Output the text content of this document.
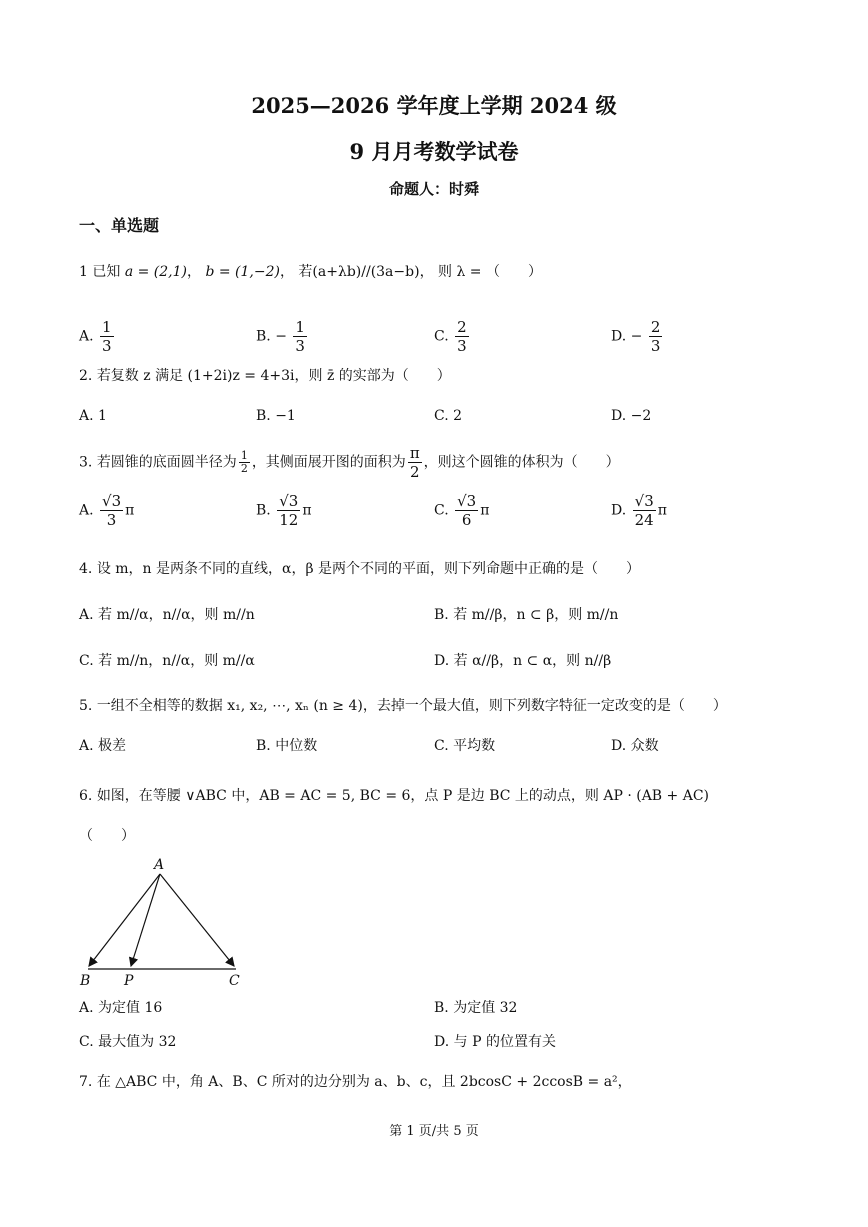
2025—2026 学年度上学期 2024 级
9 月月考数学试卷
命题人：时舜
一、单选题
1 已知 a = (2,1)， b = (1,−2)， 若(a+λb)//(3a−b)， 则 λ = （　　）
A. $\frac{1}{3}$	B. − $\frac{1}{3}$	C. $\frac{2}{3}$	D. − $\frac{2}{3}$
2. 若复数 z 满足 (1+2i)z = 4+3i，则 z̄ 的实部为（　　）
A. 1	B. −1	C. 2	D. −2
3. 若圆锥的底面圆半径为 $\frac{1}{2}$ ，其侧面展开图的面积为 $\frac{\pi}{2}$ ，则这个圆锥的体积为（　　）
A. $\frac{√3}{3}$ π	B. $\frac{√3}{12}$ π	C. $\frac{√3}{6}$ π	D. $\frac{√3}{24}$ π
4. 设 m，n 是两条不同的直线，α，β 是两个不同的平面，则下列命题中正确的是（　　）
A. 若 m//α，n//α，则 m//n	B. 若 m//β，n ⊂ β，则 m//n
C. 若 m//n，n//α，则 m//α	D. 若 α//β，n ⊂ α，则 n//β
5. 一组不全相等的数据 x₁, x₂, ⋯, xₙ (n ≥ 4)，去掉一个最大值，则下列数字特征一定改变的是（　　）
A. 极差	B. 中位数	C. 平均数	D. 众数
6. 如图，在等腰 ∨ABC 中，AB = AC = 5, BC = 6，点 P 是边 BC 上的动点，则 AP · (AB + AC)
（　　）
A
B P	C
A. 为定值 16	B. 为定值 32
C. 最大值为 32	D. 与 P 的位置有关
7. 在 △ABC 中，角 A、B、C 所对的边分别为 a、b、c，且 2bcosC + 2ccosB = a²，
第 1 页/共 5 页
